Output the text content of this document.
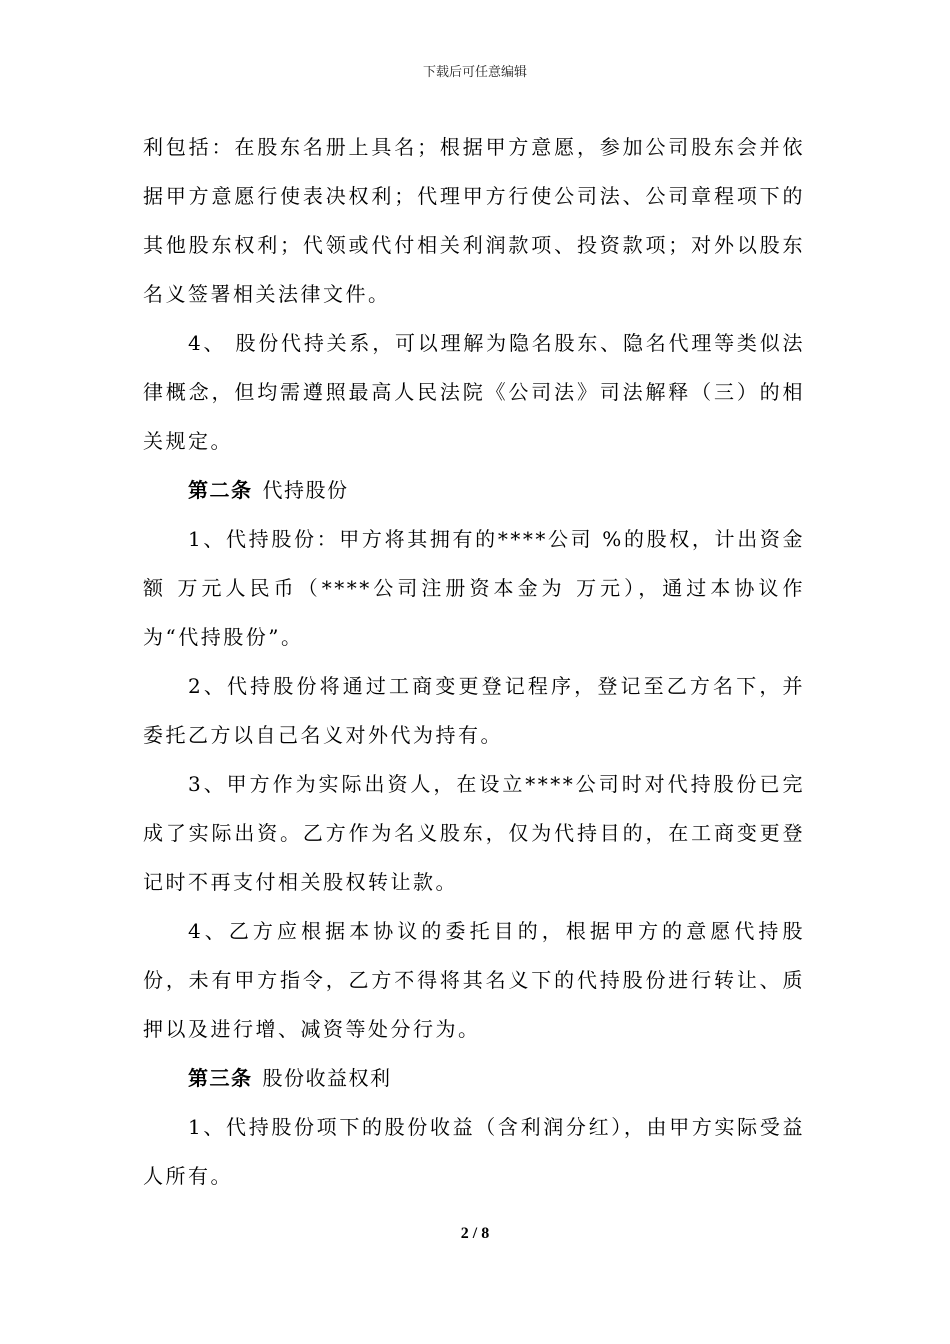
下载后可任意编辑

利包括：在股东名册上具名；根据甲方意愿，参加公司股东会并依据甲方意愿行使表决权利；代理甲方行使公司法、公司章程项下的其他股东权利；代领或代付相关利润款项、投资款项；对外以股东名义签署相关法律文件。

4、 股份代持关系，可以理解为隐名股东、隐名代理等类似法律概念，但均需遵照最高人民法院《公司法》司法解释（三）的相关规定。

第二条 代持股份

1、代持股份：甲方将其拥有的****公司 %的股权，计出资金额 万元人民币（****公司注册资本金为 万元），通过本协议作为“代持股份”。

2、代持股份将通过工商变更登记程序，登记至乙方名下，并委托乙方以自己名义对外代为持有。

3、甲方作为实际出资人，在设立****公司时对代持股份已完成了实际出资。乙方作为名义股东，仅为代持目的，在工商变更登记时不再支付相关股权转让款。

4、乙方应根据本协议的委托目的，根据甲方的意愿代持股份，未有甲方指令，乙方不得将其名义下的代持股份进行转让、质押以及进行增、减资等处分行为。

第三条 股份收益权利

1、代持股份项下的股份收益（含利润分红），由甲方实际受益人所有。

2 / 8
